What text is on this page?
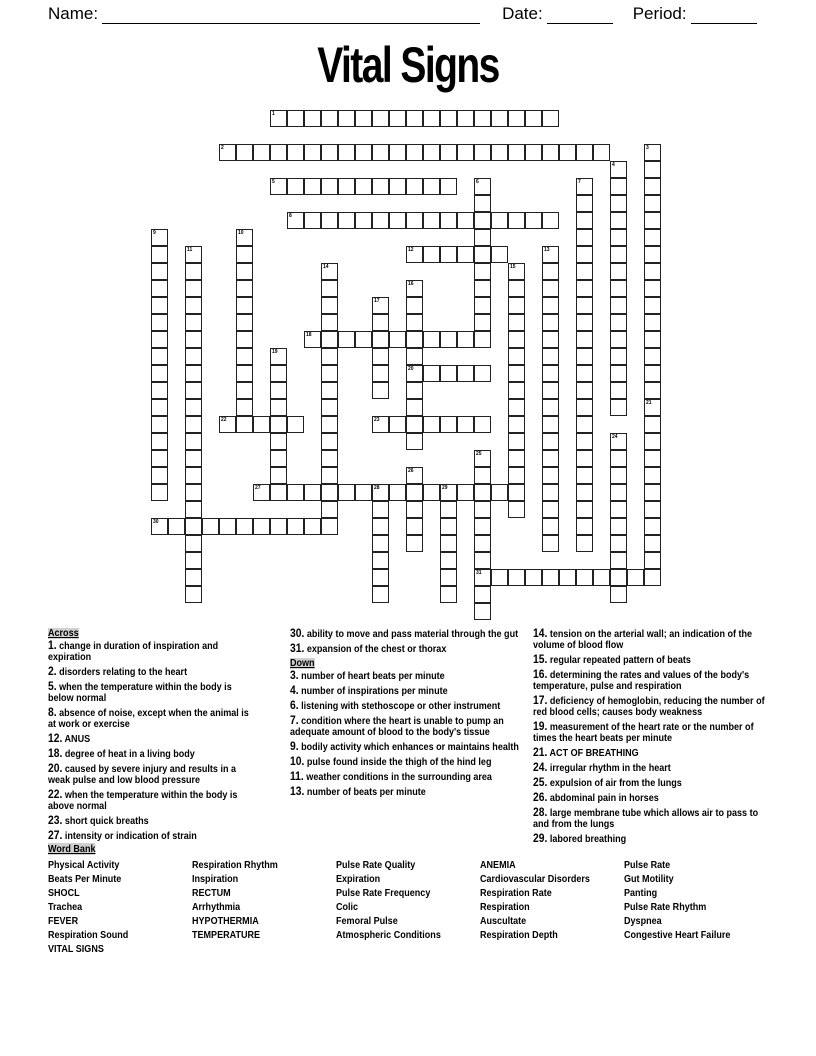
Name:	Date:	Period:
Vital Signs
1
2	3
4
5	6	7
8
9	10
11	12	13
14	15
16
20
17
18
19
21
22	23
24
25
31
26
27	28	29
30
Across
1. change in duration of inspiration and expiration
2. disorders relating to the heart
5. when the temperature within the body is below normal
8. absence of noise, except when the animal is at work or exercise
12. ANUS
18. degree of heat in a living body
20. caused by severe injury and results in a weak pulse and low blood pressure
22. when the temperature within the body is above normal
23. short quick breaths
27. intensity or indication of strain
30. ability to move and pass material through the gut
31. expansion of the chest or thorax
Down
3. number of heart beats per minute
4. number of inspirations per minute
6. listening with stethoscope or other instrument
7. condition where the heart is unable to pump an adequate amount of blood to the body's tissue
9. bodily activity which enhances or maintains health
10. pulse found inside the thigh of the hind leg
11. weather conditions in the surrounding area
13. number of beats per minute
14. tension on the arterial wall; an indication of the volume of blood flow
15. regular repeated pattern of beats
16. determining the rates and values of the body's temperature, pulse and respiration
17. deficiency of hemoglobin, reducing the number of red blood cells; causes body weakness
19. measurement of the heart rate or the number of times the heart beats per minute
21. ACT OF BREATHING
24. irregular rhythm in the heart
25. expulsion of air from the lungs
26. abdominal pain in horses
28. large membrane tube which allows air to pass to and from the lungs
29. labored breathing
Word Bank
Physical Activity
Beats Per Minute
SHOCL
Trachea
FEVER
Respiration Sound
VITAL SIGNS
Respiration Rhythm
Inspiration
RECTUM
Arrhythmia
HYPOTHERMIA
TEMPERATURE
Pulse Rate Quality
Expiration
Pulse Rate Frequency
Colic
Femoral Pulse
Atmospheric Conditions
ANEMIA
Cardiovascular Disorders
Respiration Rate
Respiration
Auscultate
Respiration Depth
Pulse Rate
Gut Motility
Panting
Pulse Rate Rhythm
Dyspnea
Congestive Heart Failure
